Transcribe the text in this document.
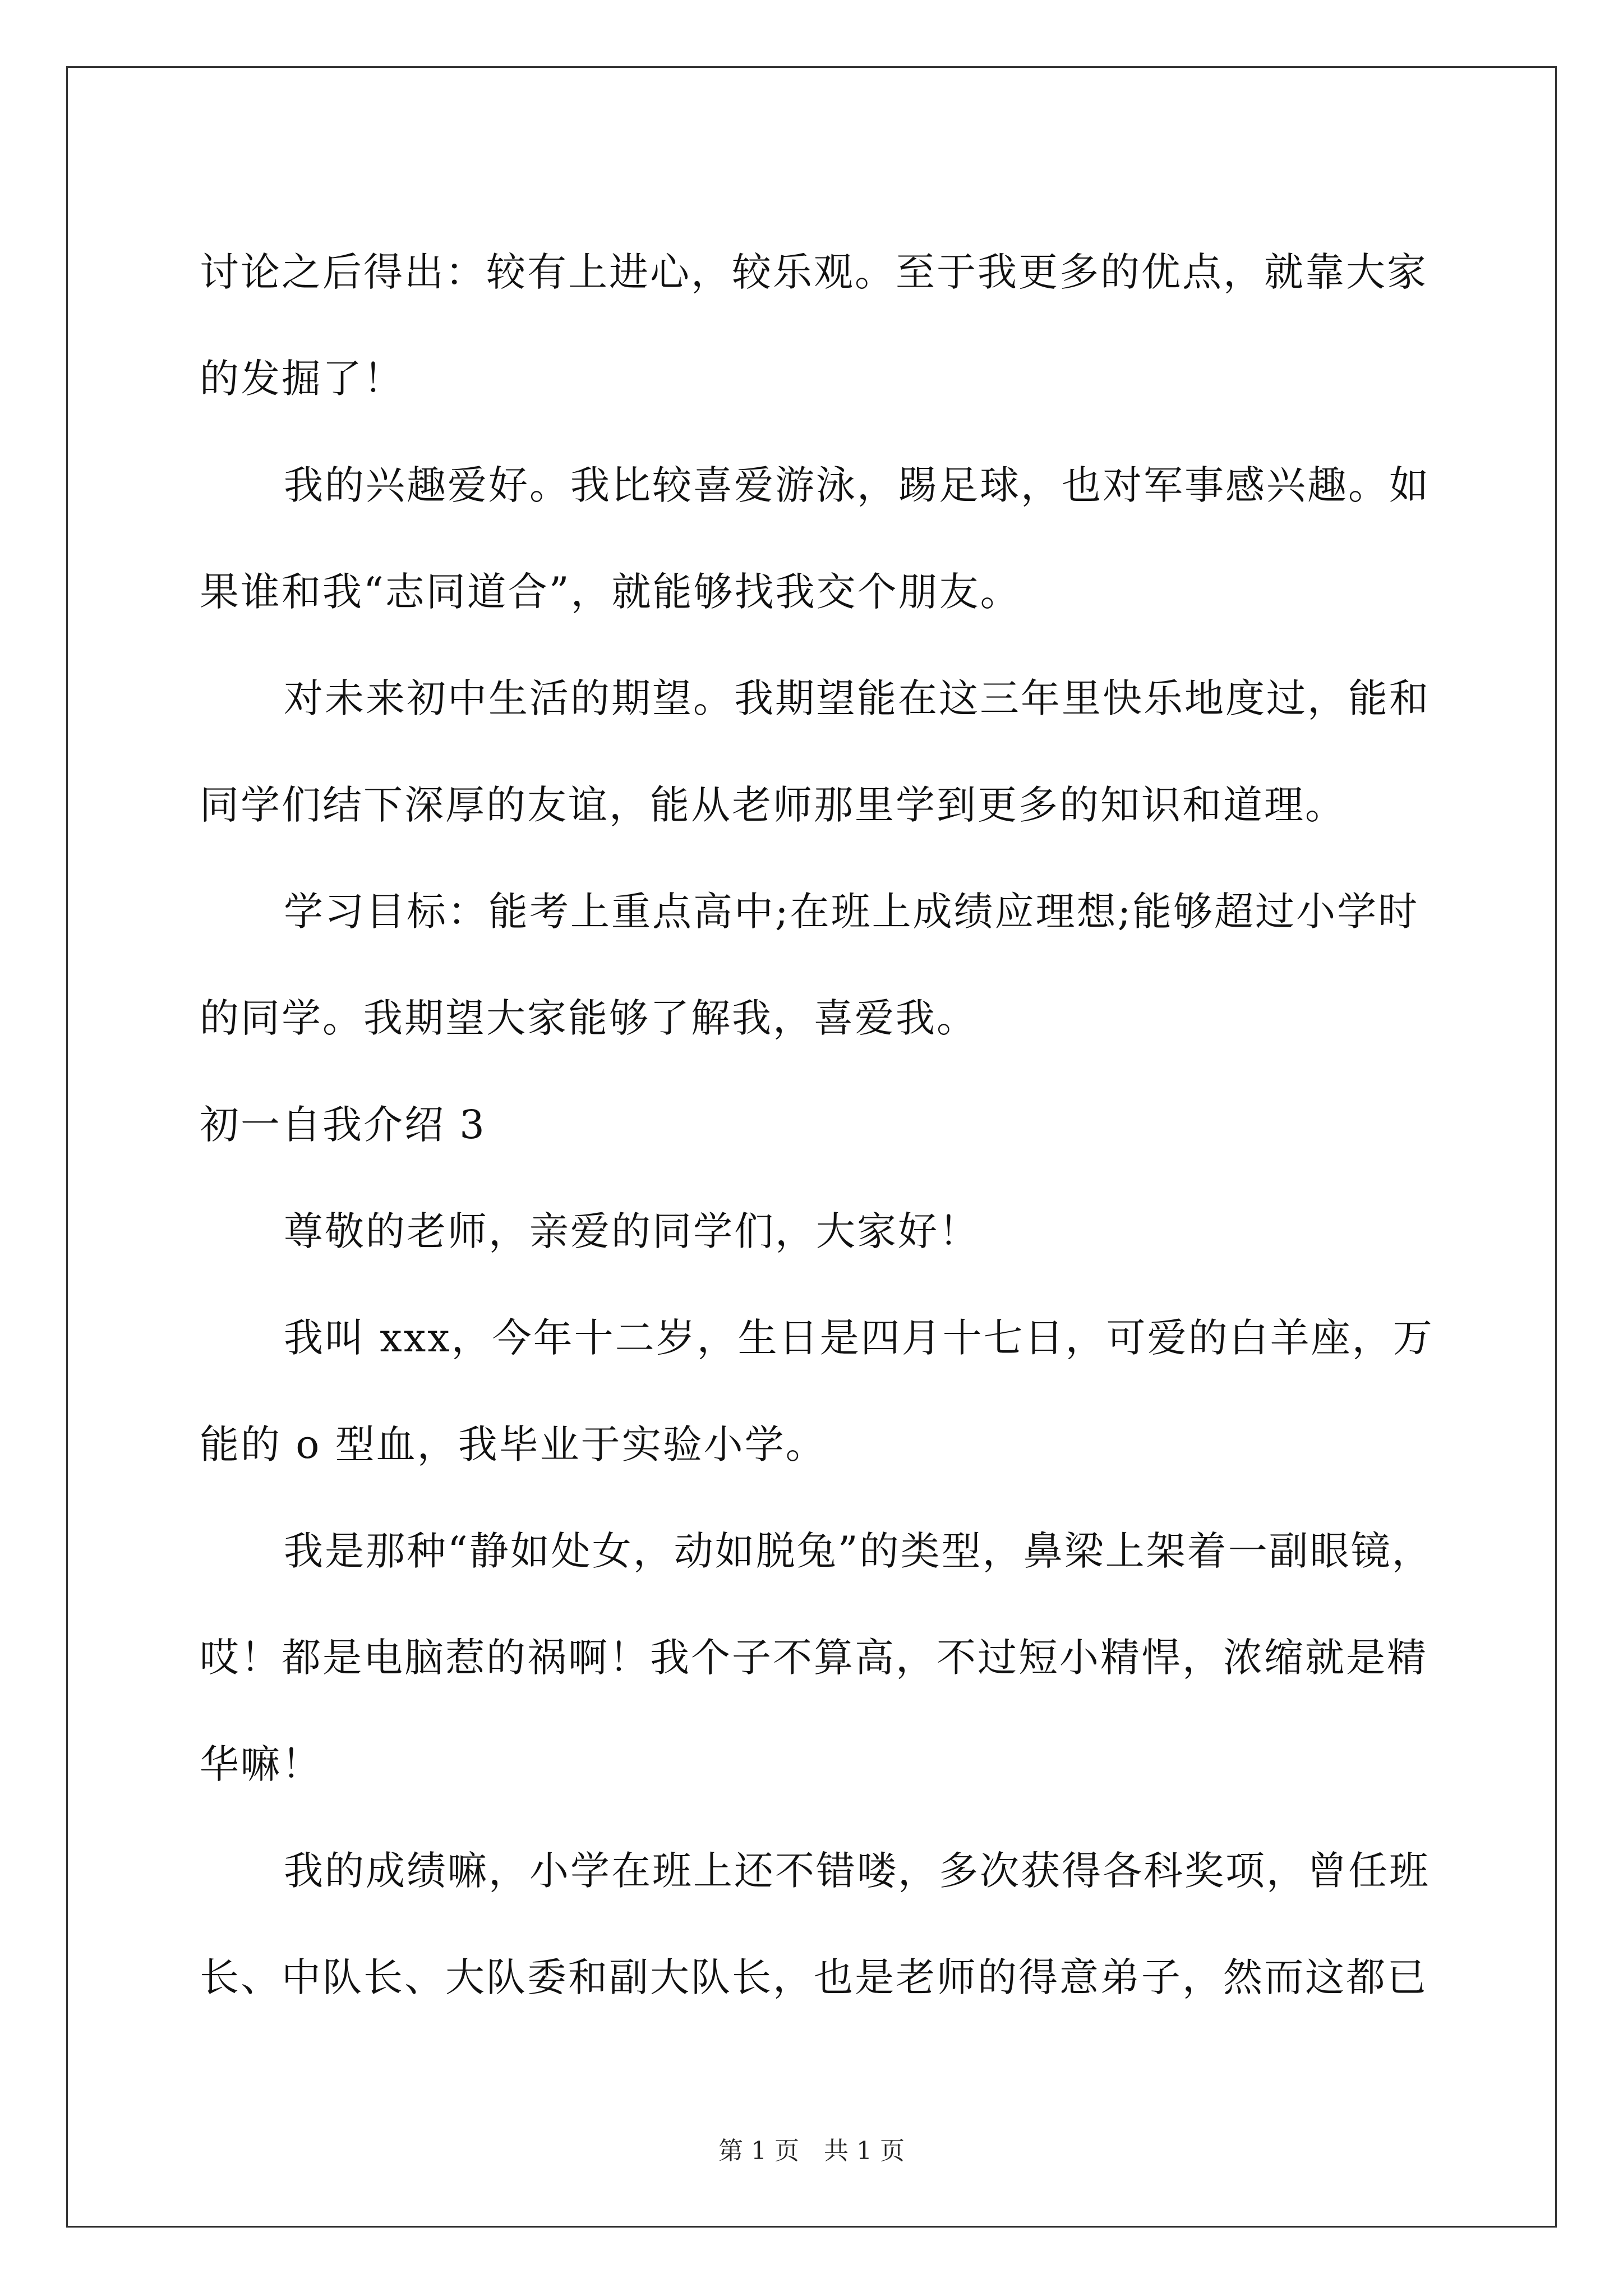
讨论之后得出：较有上进心，较乐观。至于我更多的优点，就靠大家
的发掘了！
我的兴趣爱好。我比较喜爱游泳，踢足球，也对军事感兴趣。如
果谁和我“志同道合”，就能够找我交个朋友。
对未来初中生活的期望。我期望能在这三年里快乐地度过，能和
同学们结下深厚的友谊，能从老师那里学到更多的知识和道理。
学习目标：能考上重点高中;在班上成绩应理想;能够超过小学时
的同学。我期望大家能够了解我，喜爱我。
初一自我介绍 3
尊敬的老师，亲爱的同学们，大家好！
我叫 xxx，今年十二岁，生日是四月十七日，可爱的白羊座，万
能的 o 型血，我毕业于实验小学。
我是那种“静如处女，动如脱兔”的类型，鼻梁上架着一副眼镜，
哎！都是电脑惹的祸啊！我个子不算高，不过短小精悍，浓缩就是精
华嘛！
我的成绩嘛，小学在班上还不错喽，多次获得各科奖项，曾任班
长、中队长、大队委和副大队长，也是老师的得意弟子，然而这都已
第 1 页　共 1 页
